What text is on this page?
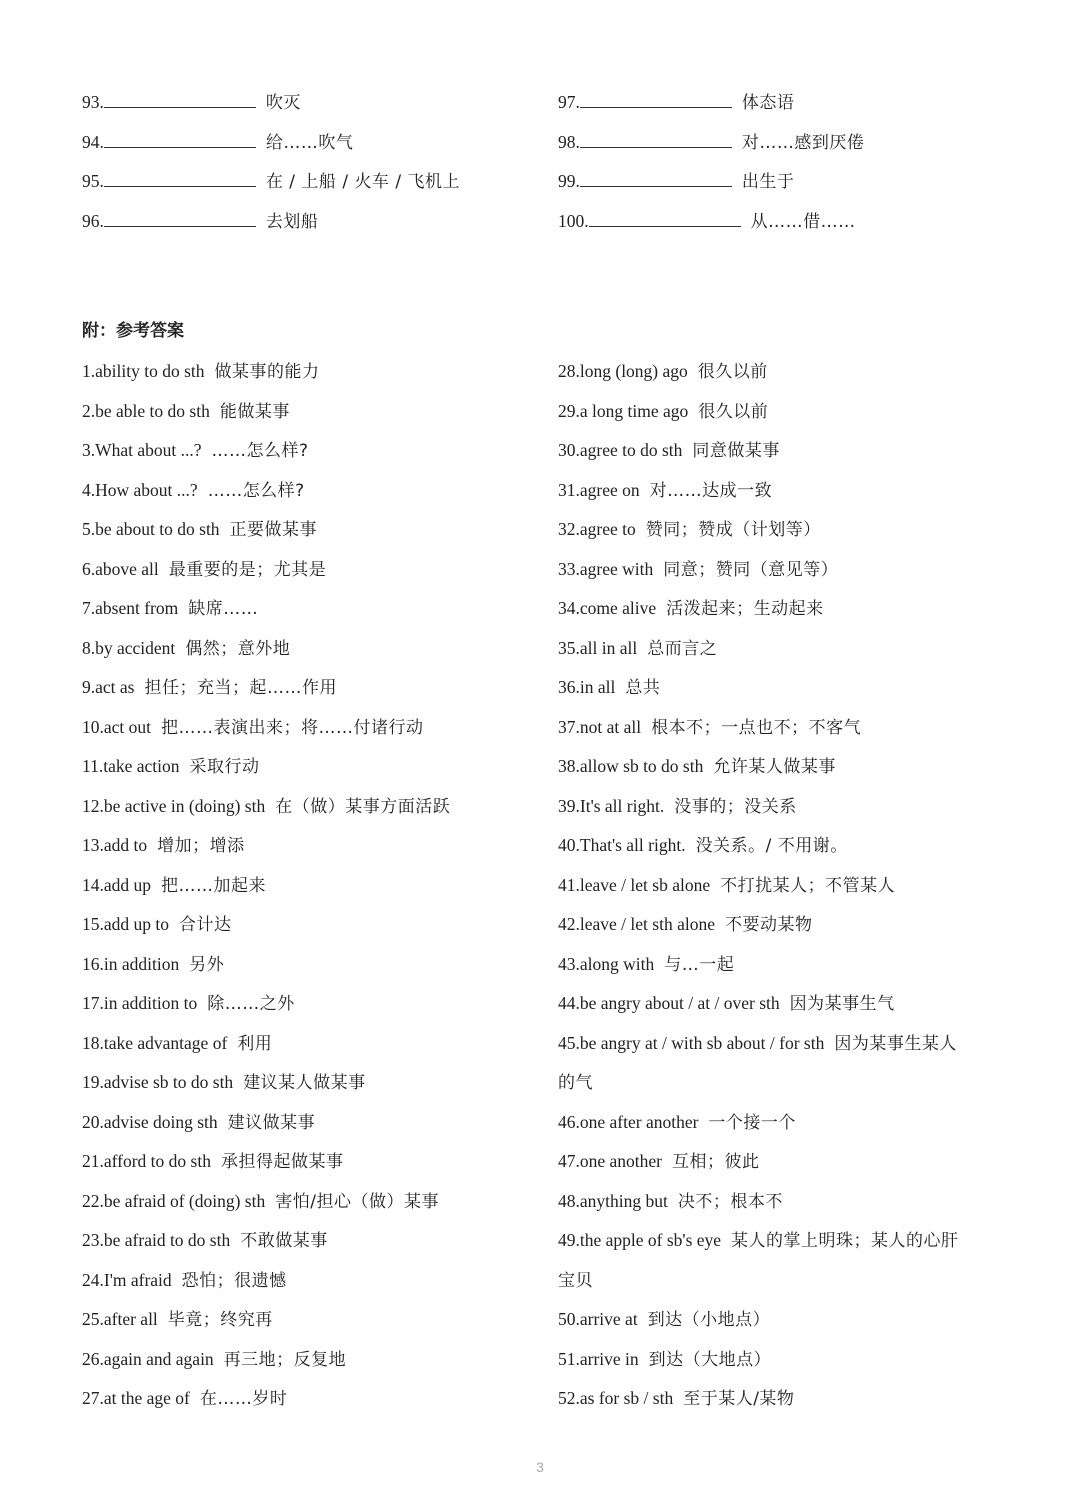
93.	吹灭
94.	给……吹气
95.	在 / 上船 / 火车 / 飞机上
96.	去划船
97.	体态语
98.	对……感到厌倦
99.	出生于
100.	从……借……
附：参考答案
1.ability to do sth 做某事的能力
2.be able to do sth 能做某事
3.What about ...? ……怎么样?
4.How about ...? ……怎么样?
5.be about to do sth 正要做某事
6.above all 最重要的是；尤其是
7.absent from 缺席……
8.by accident 偶然；意外地
9.act as 担任；充当；起……作用
10.act out 把……表演出来；将……付诸行动
11.take action 采取行动
12.be active in (doing) sth 在（做）某事方面活跃
13.add to 增加；增添
14.add up 把……加起来
15.add up to 合计达
16.in addition 另外
17.in addition to 除……之外
18.take advantage of 利用
19.advise sb to do sth 建议某人做某事
20.advise doing sth 建议做某事
21.afford to do sth 承担得起做某事
22.be afraid of (doing) sth 害怕/担心（做）某事
23.be afraid to do sth 不敢做某事
24.I'm afraid 恐怕；很遗憾
25.after all 毕竟；终究再
26.again and again 再三地；反复地
27.at the age of 在……岁时
28.long (long) ago 很久以前
29.a long time ago 很久以前
30.agree to do sth 同意做某事
31.agree on 对……达成一致
32.agree to 赞同；赞成（计划等）
33.agree with 同意；赞同（意见等）
34.come alive 活泼起来；生动起来
35.all in all 总而言之
36.in all 总共
37.not at all 根本不；一点也不；不客气
38.allow sb to do sth 允许某人做某事
39.It's all right. 没事的；没关系
40.That's all right. 没关系。/ 不用谢。
41.leave / let sb alone 不打扰某人；不管某人
42.leave / let sth alone 不要动某物
43.along with 与…一起
44.be angry about / at / over sth 因为某事生气
45.be angry at / with sb about / for sth 因为某事生某人
的气
46.one after another 一个接一个
47.one another 互相；彼此
48.anything but 决不；根本不
49.the apple of sb's eye 某人的掌上明珠；某人的心肝
宝贝
50.arrive at 到达（小地点）
51.arrive in 到达（大地点）
52.as for sb / sth 至于某人/某物
3
